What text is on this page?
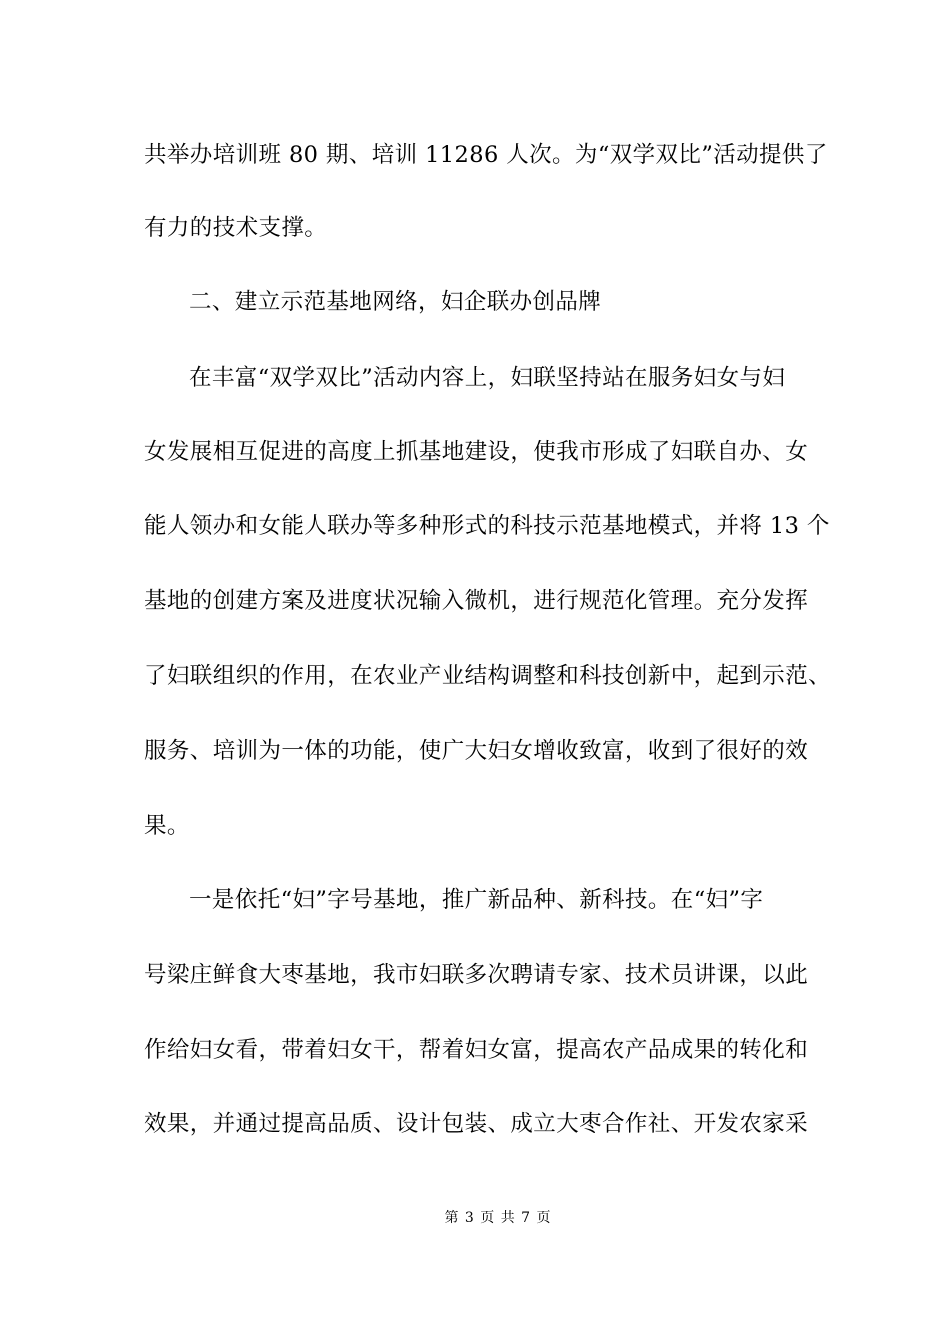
共举办培训班 80 期、培训 11286 人次。为“双学双比”活动提供了
有力的技术支撑。
二、建立示范基地网络，妇企联办创品牌
在丰富“双学双比”活动内容上，妇联坚持站在服务妇女与妇
女发展相互促进的高度上抓基地建设，使我市形成了妇联自办、女
能人领办和女能人联办等多种形式的科技示范基地模式，并将 13 个
基地的创建方案及进度状况输入微机，进行规范化管理。充分发挥
了妇联组织的作用，在农业产业结构调整和科技创新中，起到示范、
服务、培训为一体的功能，使广大妇女增收致富，收到了很好的效
果。
一是依托“妇”字号基地，推广新品种、新科技。在“妇”字
号梁庄鲜食大枣基地，我市妇联多次聘请专家、技术员讲课，以此
作给妇女看，带着妇女干，帮着妇女富，提高农产品成果的转化和
效果，并通过提高品质、设计包装、成立大枣合作社、开发农家采
第 3 页 共 7 页
